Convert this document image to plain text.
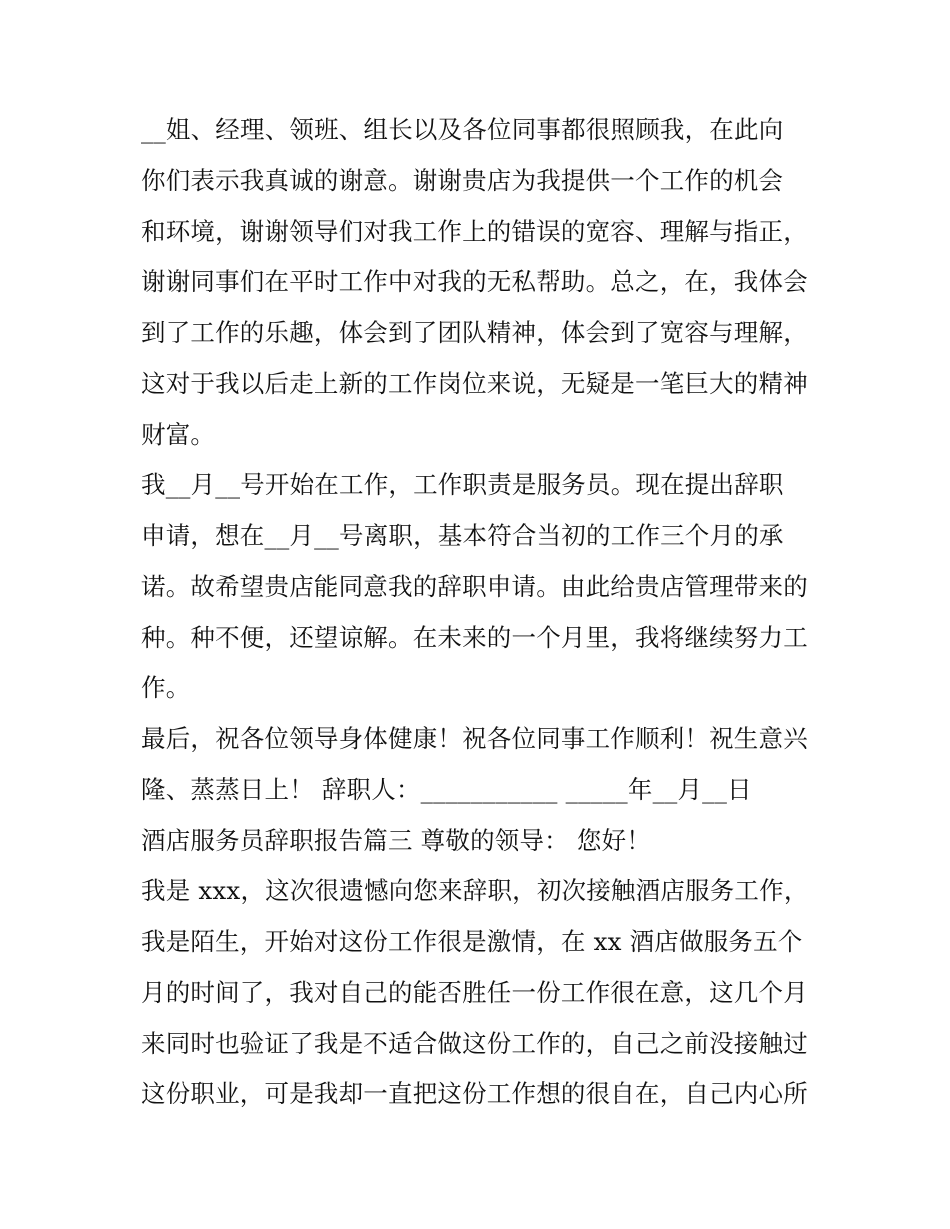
__姐、经理、领班、组长以及各位同事都很照顾我，在此向
你们表示我真诚的谢意。谢谢贵店为我提供一个工作的机会
和环境，谢谢领导们对我工作上的错误的宽容、理解与指正，
谢谢同事们在平时工作中对我的无私帮助。总之，在，我体会
到了工作的乐趣，体会到了团队精神，体会到了宽容与理解，
这对于我以后走上新的工作岗位来说，无疑是一笔巨大的精神
财富。
我__月__号开始在工作，工作职责是服务员。现在提出辞职
申请，想在__月__号离职，基本符合当初的工作三个月的承
诺。故希望贵店能同意我的辞职申请。由此给贵店管理带来的
种。种不便，还望谅解。在未来的一个月里，我将继续努力工
作。
最后，祝各位领导身体健康！祝各位同事工作顺利！祝生意兴
隆、蒸蒸日上！ 辞职人：___________ _____年__月__日
酒店服务员辞职报告篇三 尊敬的领导： 您好！
我是 xxx，这次很遗憾向您来辞职，初次接触酒店服务工作，
我是陌生，开始对这份工作很是激情，在 xx 酒店做服务五个
月的时间了，我对自己的能否胜任一份工作很在意，这几个月
来同时也验证了我是不适合做这份工作的，自己之前没接触过
这份职业，可是我却一直把这份工作想的很自在，自己内心所
